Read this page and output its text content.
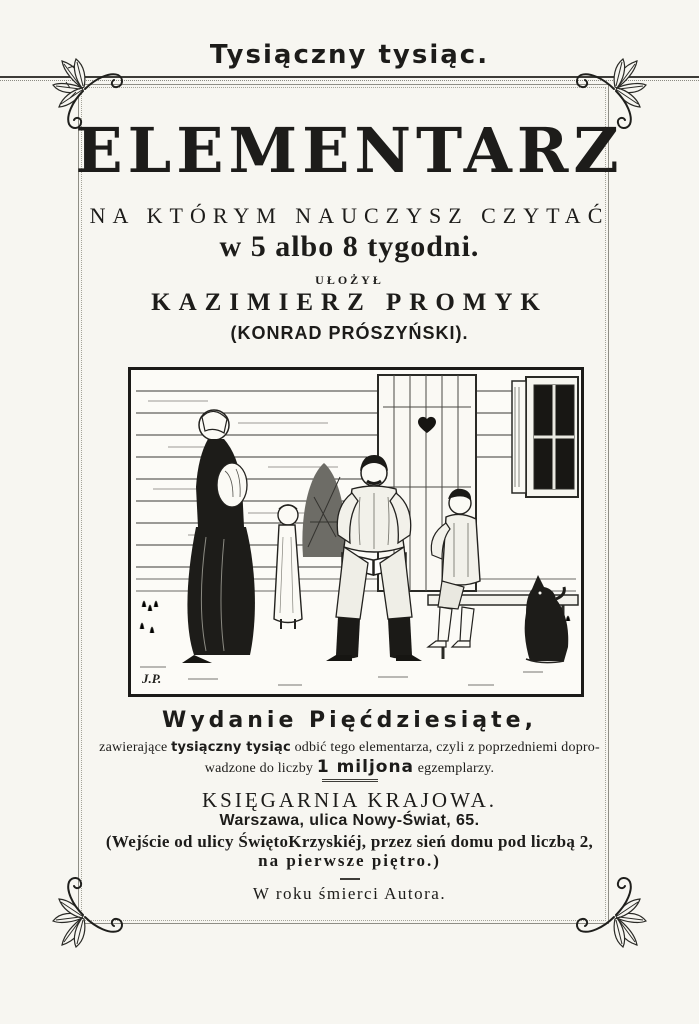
Tysiączny tysiąc.
ELEMENTARZ
NA KTÓRYM NAUCZYSZ CZYTAĆ
w 5 albo 8 tygodni.
UŁOŻYŁ
KAZIMIERZ PROMYK
(KONRAD PRÓSZYŃSKI).
J.P.
Wydanie Pięćdziesiąte,
zawierające tysiączny tysiąc odbić tego elementarza, czyli z poprzedniemi dopro-
wadzone do liczby 1 miljona egzemplarzy.
KSIĘGARNIA KRAJOWA.
Warszawa, ulica Nowy-Świat, 65.
(Wejście od ulicy ŚwiętoKrzyskiéj, przez sień domu pod liczbą 2,
na pierwsze piętro.)
W roku śmierci Autora.
